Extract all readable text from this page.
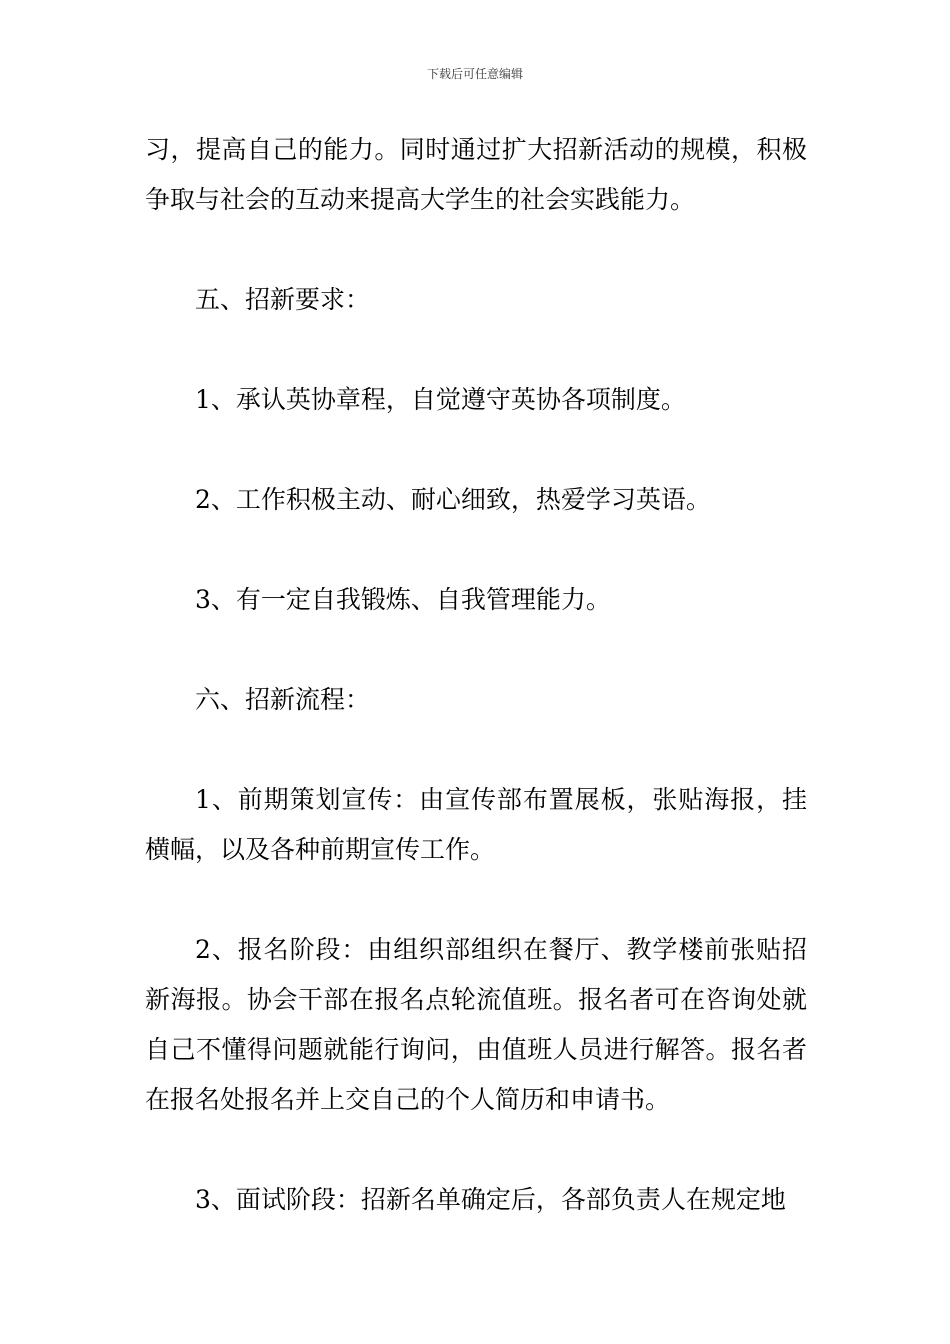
下载后可任意编辑

习，提高自己的能力。同时通过扩大招新活动的规模，积极争取与社会的互动来提高大学生的社会实践能力。

五、招新要求：

1、承认英协章程，自觉遵守英协各项制度。

2、工作积极主动、耐心细致，热爱学习英语。

3、有一定自我锻炼、自我管理能力。

六、招新流程：

1、前期策划宣传：由宣传部布置展板，张贴海报，挂横幅，以及各种前期宣传工作。

2、报名阶段：由组织部组织在餐厅、教学楼前张贴招新海报。协会干部在报名点轮流值班。报名者可在咨询处就自己不懂得问题就能行询问，由值班人员进行解答。报名者在报名处报名并上交自己的个人简历和申请书。

3、面试阶段：招新名单确定后，各部负责人在规定地
